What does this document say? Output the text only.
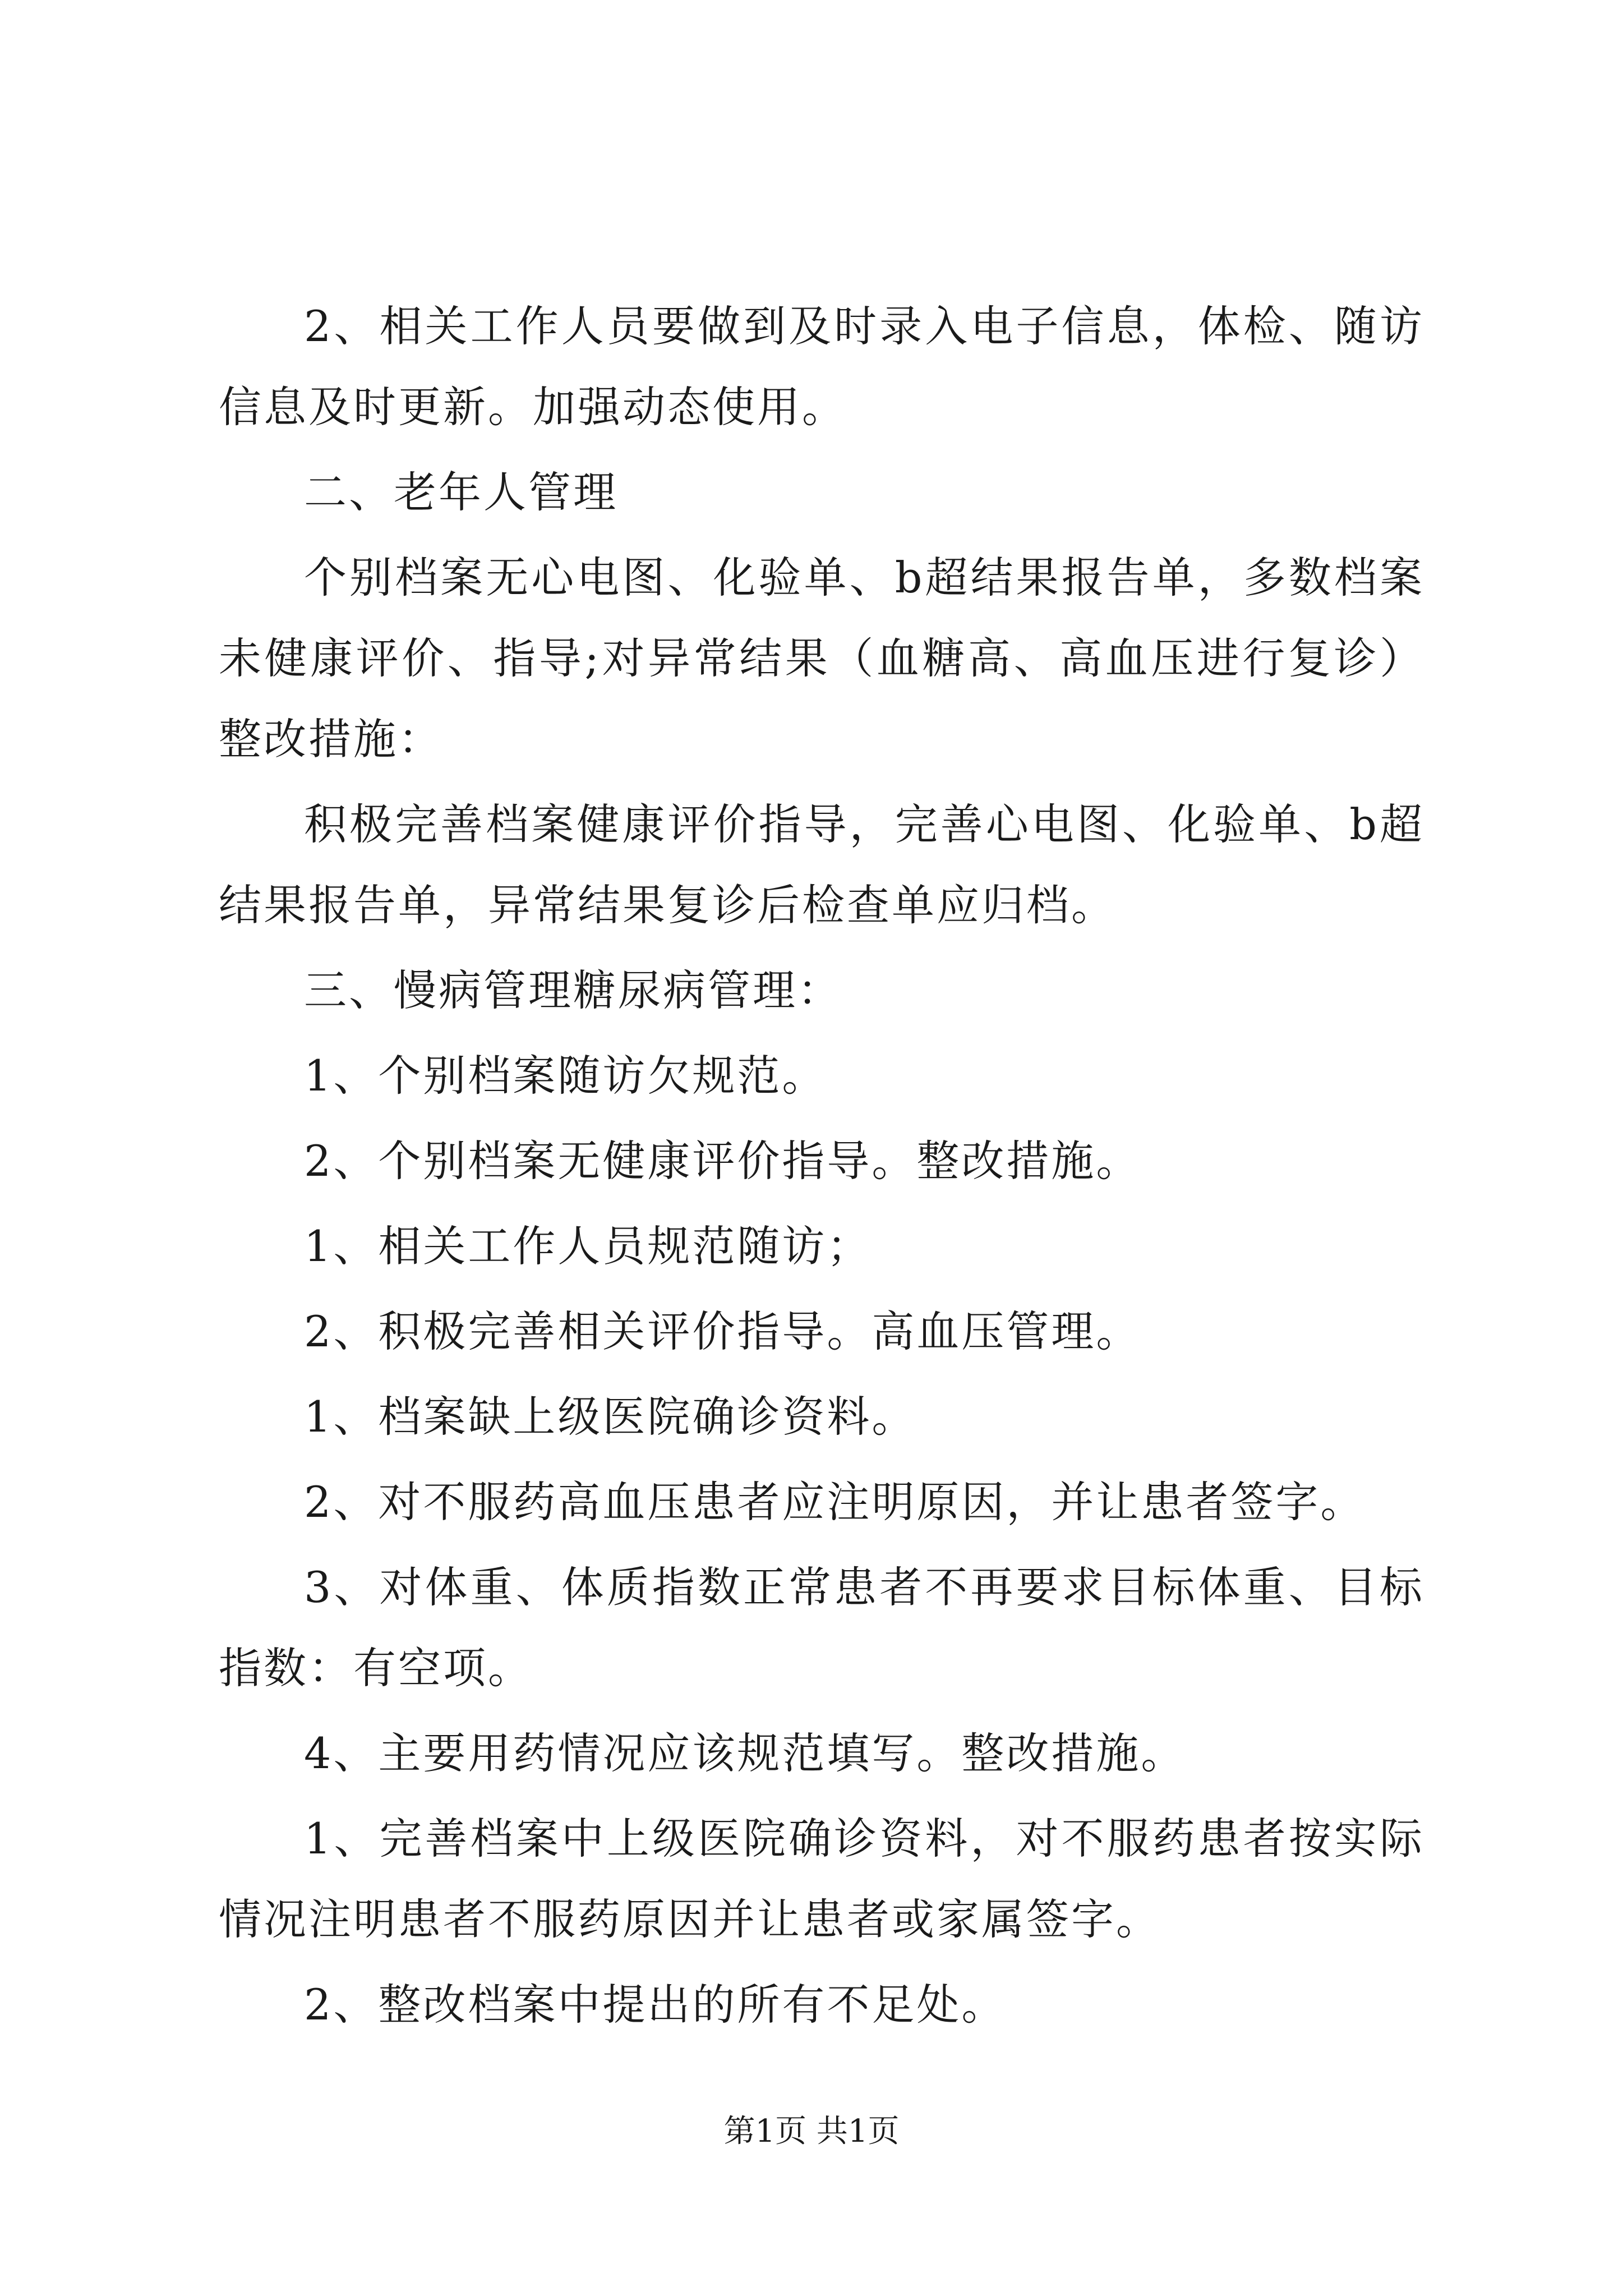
2、相关工作人员要做到及时录入电子信息，体检、随访信息及时更新。加强动态使用。

二、老年人管理

个别档案无心电图、化验单、b超结果报告单，多数档案未健康评价、指导;对异常结果（血糖高、高血压进行复诊）整改措施：

积极完善档案健康评价指导，完善心电图、化验单、b超结果报告单，异常结果复诊后检查单应归档。

三、慢病管理糖尿病管理：

1、个别档案随访欠规范。

2、个别档案无健康评价指导。整改措施。

1、相关工作人员规范随访；

2、积极完善相关评价指导。高血压管理。

1、档案缺上级医院确诊资料。

2、对不服药高血压患者应注明原因，并让患者签字。

3、对体重、体质指数正常患者不再要求目标体重、目标指数：有空项。

4、主要用药情况应该规范填写。整改措施。

1、完善档案中上级医院确诊资料，对不服药患者按实际情况注明患者不服药原因并让患者或家属签字。

2、整改档案中提出的所有不足处。

第1页 共1页
